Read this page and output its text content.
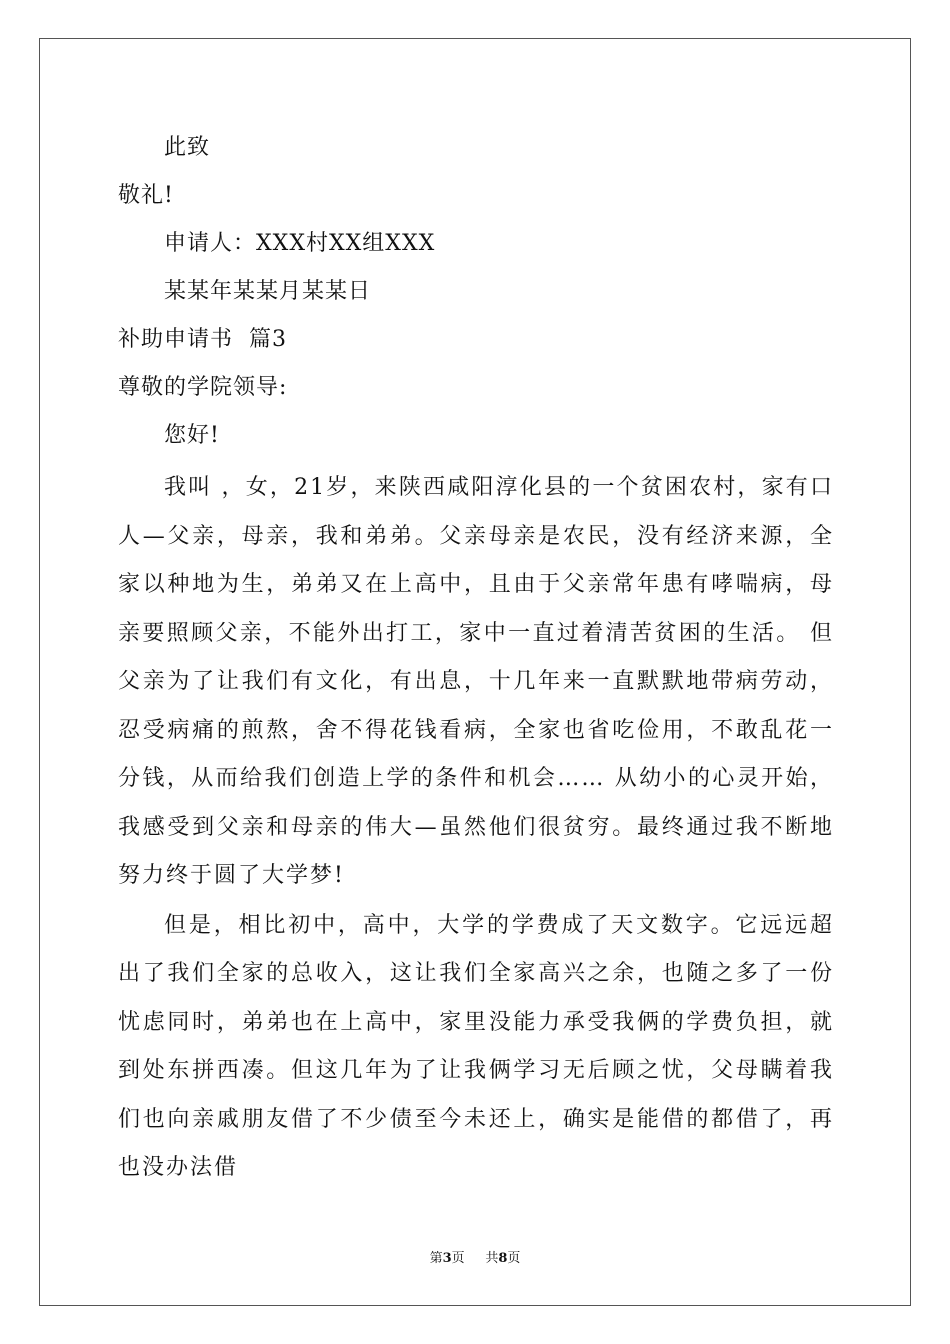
此致
敬礼!
申请人：XXX村XX组XXX
某某年某某月某某日
补助申请书  篇3
尊敬的学院领导:
您好!

我叫 ，女，21岁，来陕西咸阳淳化县的一个贫困农村，家有口人—父亲，母亲，我和弟弟。父亲母亲是农民，没有经济来源，全家以种地为生，弟弟又在上高中，且由于父亲常年患有哮喘病，母亲要照顾父亲，不能外出打工，家中一直过着清苦贫困的生活。 但父亲为了让我们有文化，有出息，十几年来一直默默地带病劳动，忍受病痛的煎熬，舍不得花钱看病，全家也省吃俭用，不敢乱花一分钱，从而给我们创造上学的条件和机会…… 从幼小的心灵开始，我感受到父亲和母亲的伟大—虽然他们很贫穷。最终通过我不断地努力终于圆了大学梦!

但是，相比初中，高中，大学的学费成了天文数字。它远远超出了我们全家的总收入，这让我们全家高兴之余，也随之多了一份忧虑同时，弟弟也在上高中，家里没能力承受我俩的学费负担，就到处东拼西凑。但这几年为了让我俩学习无后顾之忧，父母瞒着我们也向亲戚朋友借了不少债至今未还上，确实是能借的都借了，再也没办法借

第3页 共8页
